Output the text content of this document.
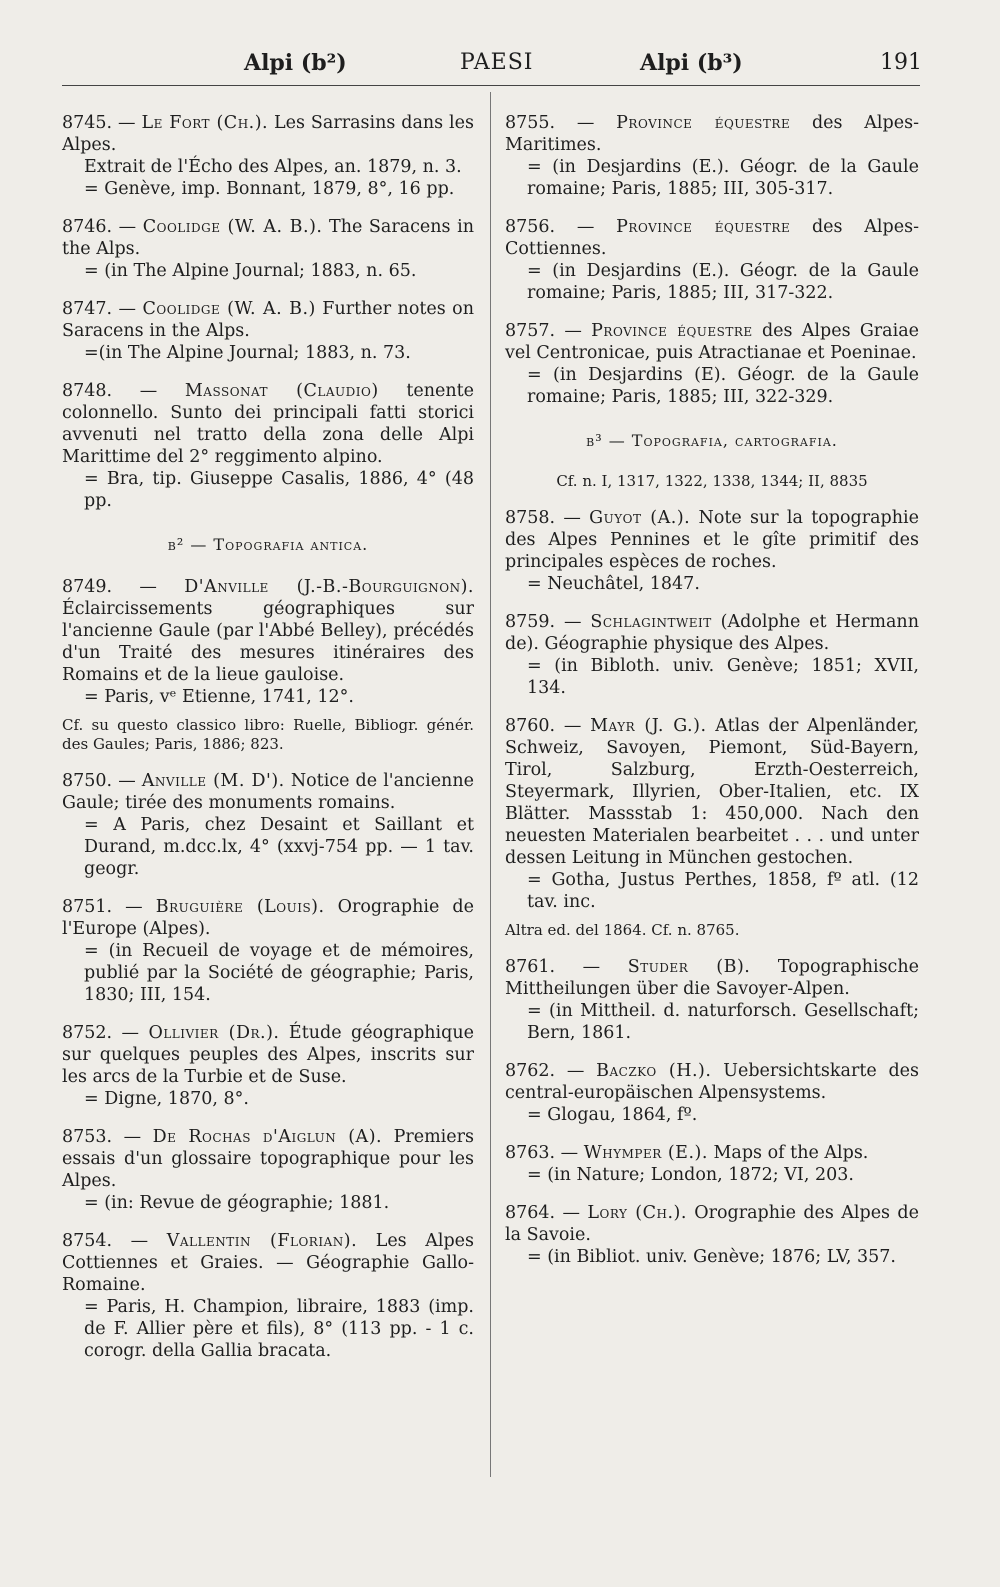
Alpi (b²)	PAESI	Alpi (b³)	191

8745. — Le Fort (Ch.). Les Sarrasins dans les Alpes.

Extrait de l'Écho des Alpes, an. 1879, n. 3.

= Genève, imp. Bonnant, 1879, 8°, 16 pp.

8746. — Coolidge (W. A. B.). The Saracens in the Alps.

= (in The Alpine Journal; 1883, n. 65.

8747. — Coolidge (W. A. B.) Further notes on Saracens in the Alps.

=(in The Alpine Journal; 1883, n. 73.

8748. — Massonat (Claudio) tenente colonnello. Sunto dei principali fatti storici avvenuti nel tratto della zona delle Alpi Marittime del 2° reggimento alpino.

= Bra, tip. Giuseppe Casalis, 1886, 4° (48 pp.

b² — Topografia antica.

8749. — D'Anville (J.-B.-Bourguignon). Éclaircissements géographiques sur l'ancienne Gaule (par l'Abbé Belley), précédés d'un Traité des mesures itinéraires des Romains et de la lieue gauloise.

= Paris, vᵉ Etienne, 1741, 12°.

Cf. su questo classico libro: Ruelle, Bibliogr. génér. des Gaules; Paris, 1886; 823.

8750. — Anville (M. D'). Notice de l'ancienne Gaule; tirée des monuments romains.

= A Paris, chez Desaint et Saillant et Durand, m.dcc.lx, 4° (xxvj-754 pp. — 1 tav. geogr.

8751. — Bruguière (Louis). Orographie de l'Europe (Alpes).

= (in Recueil de voyage et de mémoires, publié par la Société de géographie; Paris, 1830; III, 154.

8752. — Ollivier (Dr.). Étude géographique sur quelques peuples des Alpes, inscrits sur les arcs de la Turbie et de Suse.

= Digne, 1870, 8°.

8753. — De Rochas d'Aiglun (A). Premiers essais d'un glossaire topographique pour les Alpes.

= (in: Revue de géographie; 1881.

8754. — Vallentin (Florian). Les Alpes Cottiennes et Graies. — Géographie Gallo-Romaine.

= Paris, H. Champion, libraire, 1883 (imp. de F. Allier père et fils), 8° (113 pp. - 1 c. corogr. della Gallia bracata.

8755. — Province équestre des Alpes-Maritimes.

= (in Desjardins (E.). Géogr. de la Gaule romaine; Paris, 1885; III, 305-317.

8756. — Province équestre des Alpes-Cottiennes.

= (in Desjardins (E.). Géogr. de la Gaule romaine; Paris, 1885; III, 317-322.

8757. — Province équestre des Alpes Graiae vel Centronicae, puis Atractianae et Poeninae.

= (in Desjardins (E). Géogr. de la Gaule romaine; Paris, 1885; III, 322-329.

b³ — Topografia, cartografia.
Cf. n. I, 1317, 1322, 1338, 1344; II, 8835

8758. — Guyot (A.). Note sur la topographie des Alpes Pennines et le gîte primitif des principales espèces de roches.

= Neuchâtel, 1847.

8759. — Schlagintweit (Adolphe et Hermann de). Géographie physique des Alpes.

= (in Bibloth. univ. Genève; 1851; XVII, 134.

8760. — Mayr (J. G.). Atlas der Alpenländer, Schweiz, Savoyen, Piemont, Süd-Bayern, Tirol, Salzburg, Erzth-Oesterreich, Steyermark, Illyrien, Ober-Italien, etc. IX Blätter. Massstab 1: 450,000. Nach den neuesten Materialen bearbeitet . . . und unter dessen Leitung in München gestochen.

= Gotha, Justus Perthes, 1858, fº atl. (12 tav. inc.

Altra ed. del 1864. Cf. n. 8765.

8761. — Studer (B). Topographische Mittheilungen über die Savoyer-Alpen.

= (in Mittheil. d. naturforsch. Gesellschaft; Bern, 1861.

8762. — Baczko (H.). Uebersichtskarte des central-europäischen Alpensystems.

= Glogau, 1864, fº.

8763. — Whymper (E.). Maps of the Alps.

= (in Nature; London, 1872; VI, 203.

8764. — Lory (Ch.). Orographie des Alpes de la Savoie.

= (in Bibliot. univ. Genève; 1876; LV, 357.
